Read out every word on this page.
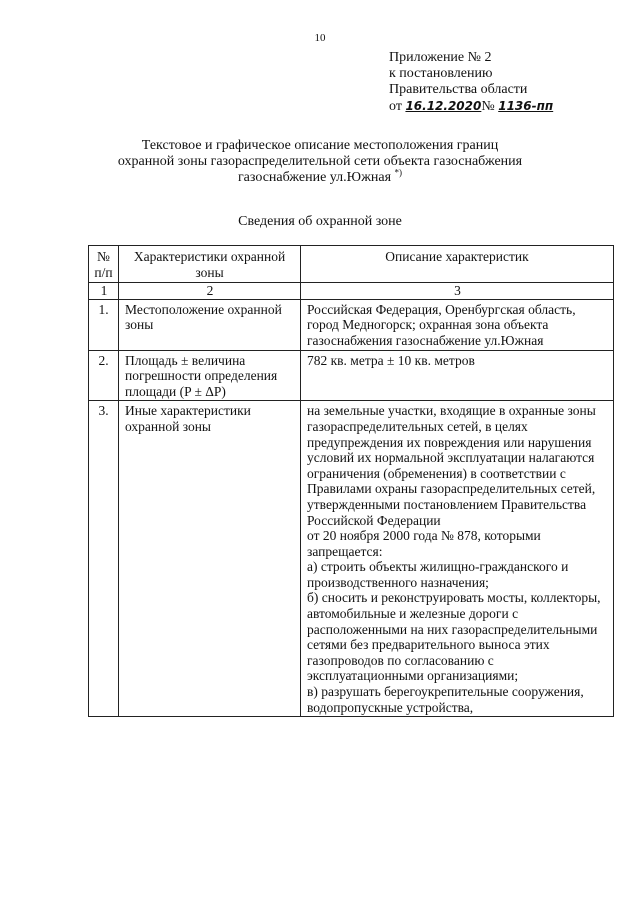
10
Приложение № 2
к постановлению
Правительства области
от 16.12.2020№ 1136-пп
Текстовое и графическое описание местоположения границ
охранной зоны газораспределительной сети объекта газоснабжения
газоснабжение ул.Южная *)
Сведения об охранной зоне
№ п/п	Характеристики охранной зоны	Описание характеристик
1	2	3
1.	Местоположение охранной зоны	Российская Федерация, Оренбургская область, город Медногорск; охранная зона объекта газоснабжения газоснабжение ул.Южная
2.	Площадь ± величина погрешности определения площади (P ± ΔP)	782 кв. метра ± 10 кв. метров
3.	Иные характеристики охранной зоны	на земельные участки, входящие в охранные зоны газораспределительных сетей, в целях предупреждения их повреждения или нарушения условий их нормальной эксплуатации налагаются ограничения (обременения) в соответствии с Правилами охраны газораспределительных сетей, утвержденными постановлением Правительства Российской Федерации
от 20 ноября 2000 года № 878, которыми запрещается:
а) строить объекты жилищно-гражданского и производственного назначения;
б) сносить и реконструировать мосты, коллекторы, автомобильные и железные дороги с расположенными на них газораспределительными сетями без предварительного выноса этих газопроводов по согласованию с эксплуатационными организациями;
в) разрушать берегоукрепительные сооружения, водопропускные устройства,
